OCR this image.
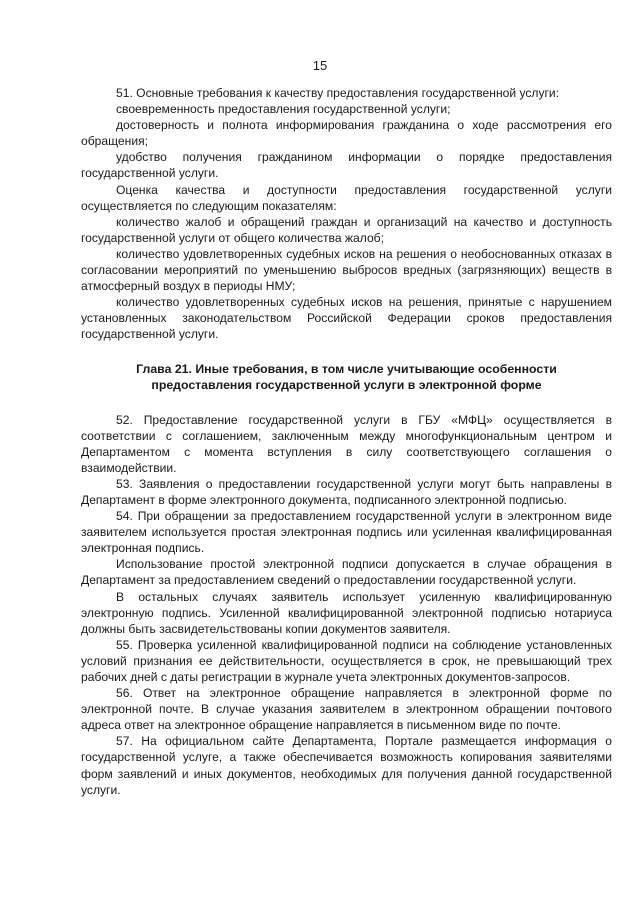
15

51. Основные требования к качеству предоставления государственной услуги:

своевременность предоставления государственной услуги;

достоверность и полнота информирования гражданина о ходе рассмотрения его обращения;

удобство получения гражданином информации о порядке предоставления государственной услуги.

Оценка качества и доступности предоставления государственной услуги осуществляется по следующим показателям:

количество жалоб и обращений граждан и организаций на качество и доступность государственной услуги от общего количества жалоб;

количество удовлетворенных судебных исков на решения о необоснованных отказах в согласовании мероприятий по уменьшению выбросов вредных (загрязняющих) веществ в атмосферный воздух в периоды НМУ;

количество удовлетворенных судебных исков на решения, принятые с нарушением установленных законодательством Российской Федерации сроков предоставления государственной услуги.

Глава 21. Иные требования, в том числе учитывающие особенности
предоставления государственной услуги в электронной форме

52. Предоставление государственной услуги в ГБУ «МФЦ» осуществляется в соответствии с соглашением, заключенным между многофункциональным центром и Департаментом с момента вступления в силу соответствующего соглашения о взаимодействии.

53. Заявления о предоставлении государственной услуги могут быть направлены в Департамент в форме электронного документа, подписанного электронной подписью.

54. При обращении за предоставлением государственной услуги в электронном виде заявителем используется простая электронная подпись или усиленная квалифицированная электронная подпись.

Использование простой электронной подписи допускается в случае обращения в Департамент за предоставлением сведений о предоставлении государственной услуги.

В остальных случаях заявитель использует усиленную квалифицированную электронную подпись. Усиленной квалифицированной электронной подписью нотариуса должны быть засвидетельствованы копии документов заявителя.

55. Проверка усиленной квалифицированной подписи на соблюдение установленных условий признания ее действительности, осуществляется в срок, не превышающий трех рабочих дней с даты регистрации в журнале учета электронных документов-запросов.

56. Ответ на электронное обращение направляется в электронной форме по электронной почте. В случае указания заявителем в электронном обращении почтового адреса ответ на электронное обращение направляется в письменном виде по почте.

57. На официальном сайте Департамента, Портале размещается информация о государственной услуге, а также обеспечивается возможность копирования заявителями форм заявлений и иных документов, необходимых для получения данной государственной услуги.
